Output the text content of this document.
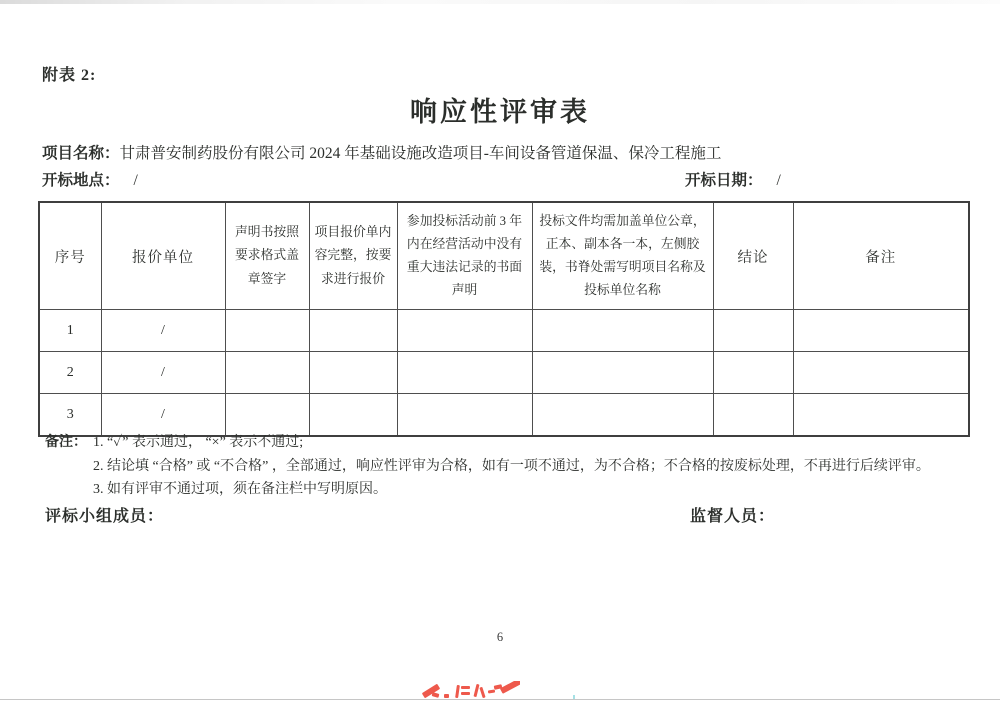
附表 2:
响应性评审表
项目名称：甘肃普安制药股份有限公司 2024 年基础设施改造项目-车间设备管道保温、保冷工程施工
开标地点： /	开标日期： /
序号	报价单位	声明书按照要求格式盖章签字	项目报价单内容完整，按要求进行报价	参加投标活动前 3 年内在经营活动中没有重大违法记录的书面声明	投标文件均需加盖单位公章，正本、副本各一本，左侧胶装，书脊处需写明项目名称及投标单位名称	结论	备注
1	/						
2	/						
3	/						
备注： 1. “✓” 表示通过， “×” 表示不通过;
2. 结论填 “合格” 或 “不合格” ，全部通过，响应性评审为合格，如有一项不通过，为不合格；不合格的按废标处理，不再进行后续评审。
3. 如有评审不通过项，须在备注栏中写明原因。
评标小组成员：	监督人员：
6
